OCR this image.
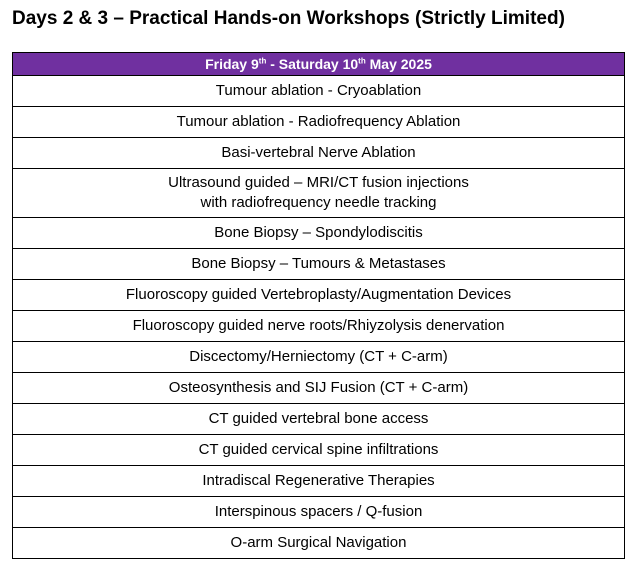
Days 2 & 3 – Practical Hands-on Workshops (Strictly Limited)
Friday 9th - Saturday 10th May 2025
Tumour ablation - Cryoablation
Tumour ablation - Radiofrequency Ablation
Basi-vertebral Nerve Ablation

Ultrasound guided – MRI/CT fusion injections
with radiofrequency needle tracking

Bone Biopsy – Spondylodiscitis
Bone Biopsy – Tumours & Metastases
Fluoroscopy guided Vertebroplasty/Augmentation Devices
Fluoroscopy guided nerve roots/Rhiyzolysis denervation
Discectomy/Herniectomy (CT + C-arm)
Osteosynthesis and SIJ Fusion (CT + C-arm)
CT guided vertebral bone access
CT guided cervical spine infiltrations
Intradiscal Regenerative Therapies
Interspinous spacers / Q-fusion
O-arm Surgical Navigation
